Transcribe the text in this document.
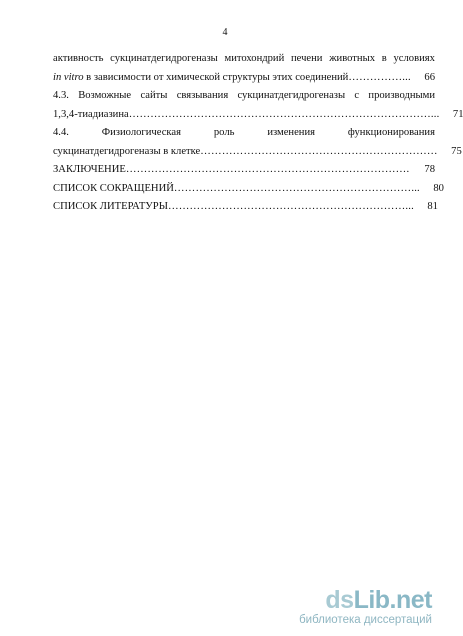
4
активность сукцинатдегидрогеназы митохондрий печени животных в условиях
in vitro в зависимости от химической структуры этих соединений ……………...	66
4.3. Возможные сайты связывания сукцинатдегидрогеназы с производными
1,3,4-тиадиазина …………………………………………………………………………...	71
4.4.	Физиологическая	роль	изменения	функционирования
сукцинатдегидрогеназы в клетке …………………………………………………………	75
ЗАКЛЮЧЕНИЕ …………………………………………………………………….	78
СПИСОК СОКРАЩЕНИЙ …………………………………………………………...	80
СПИСОК ЛИТЕРАТУРЫ …………………………………………………………...	81
dsLib.net
библиотека диссертаций
